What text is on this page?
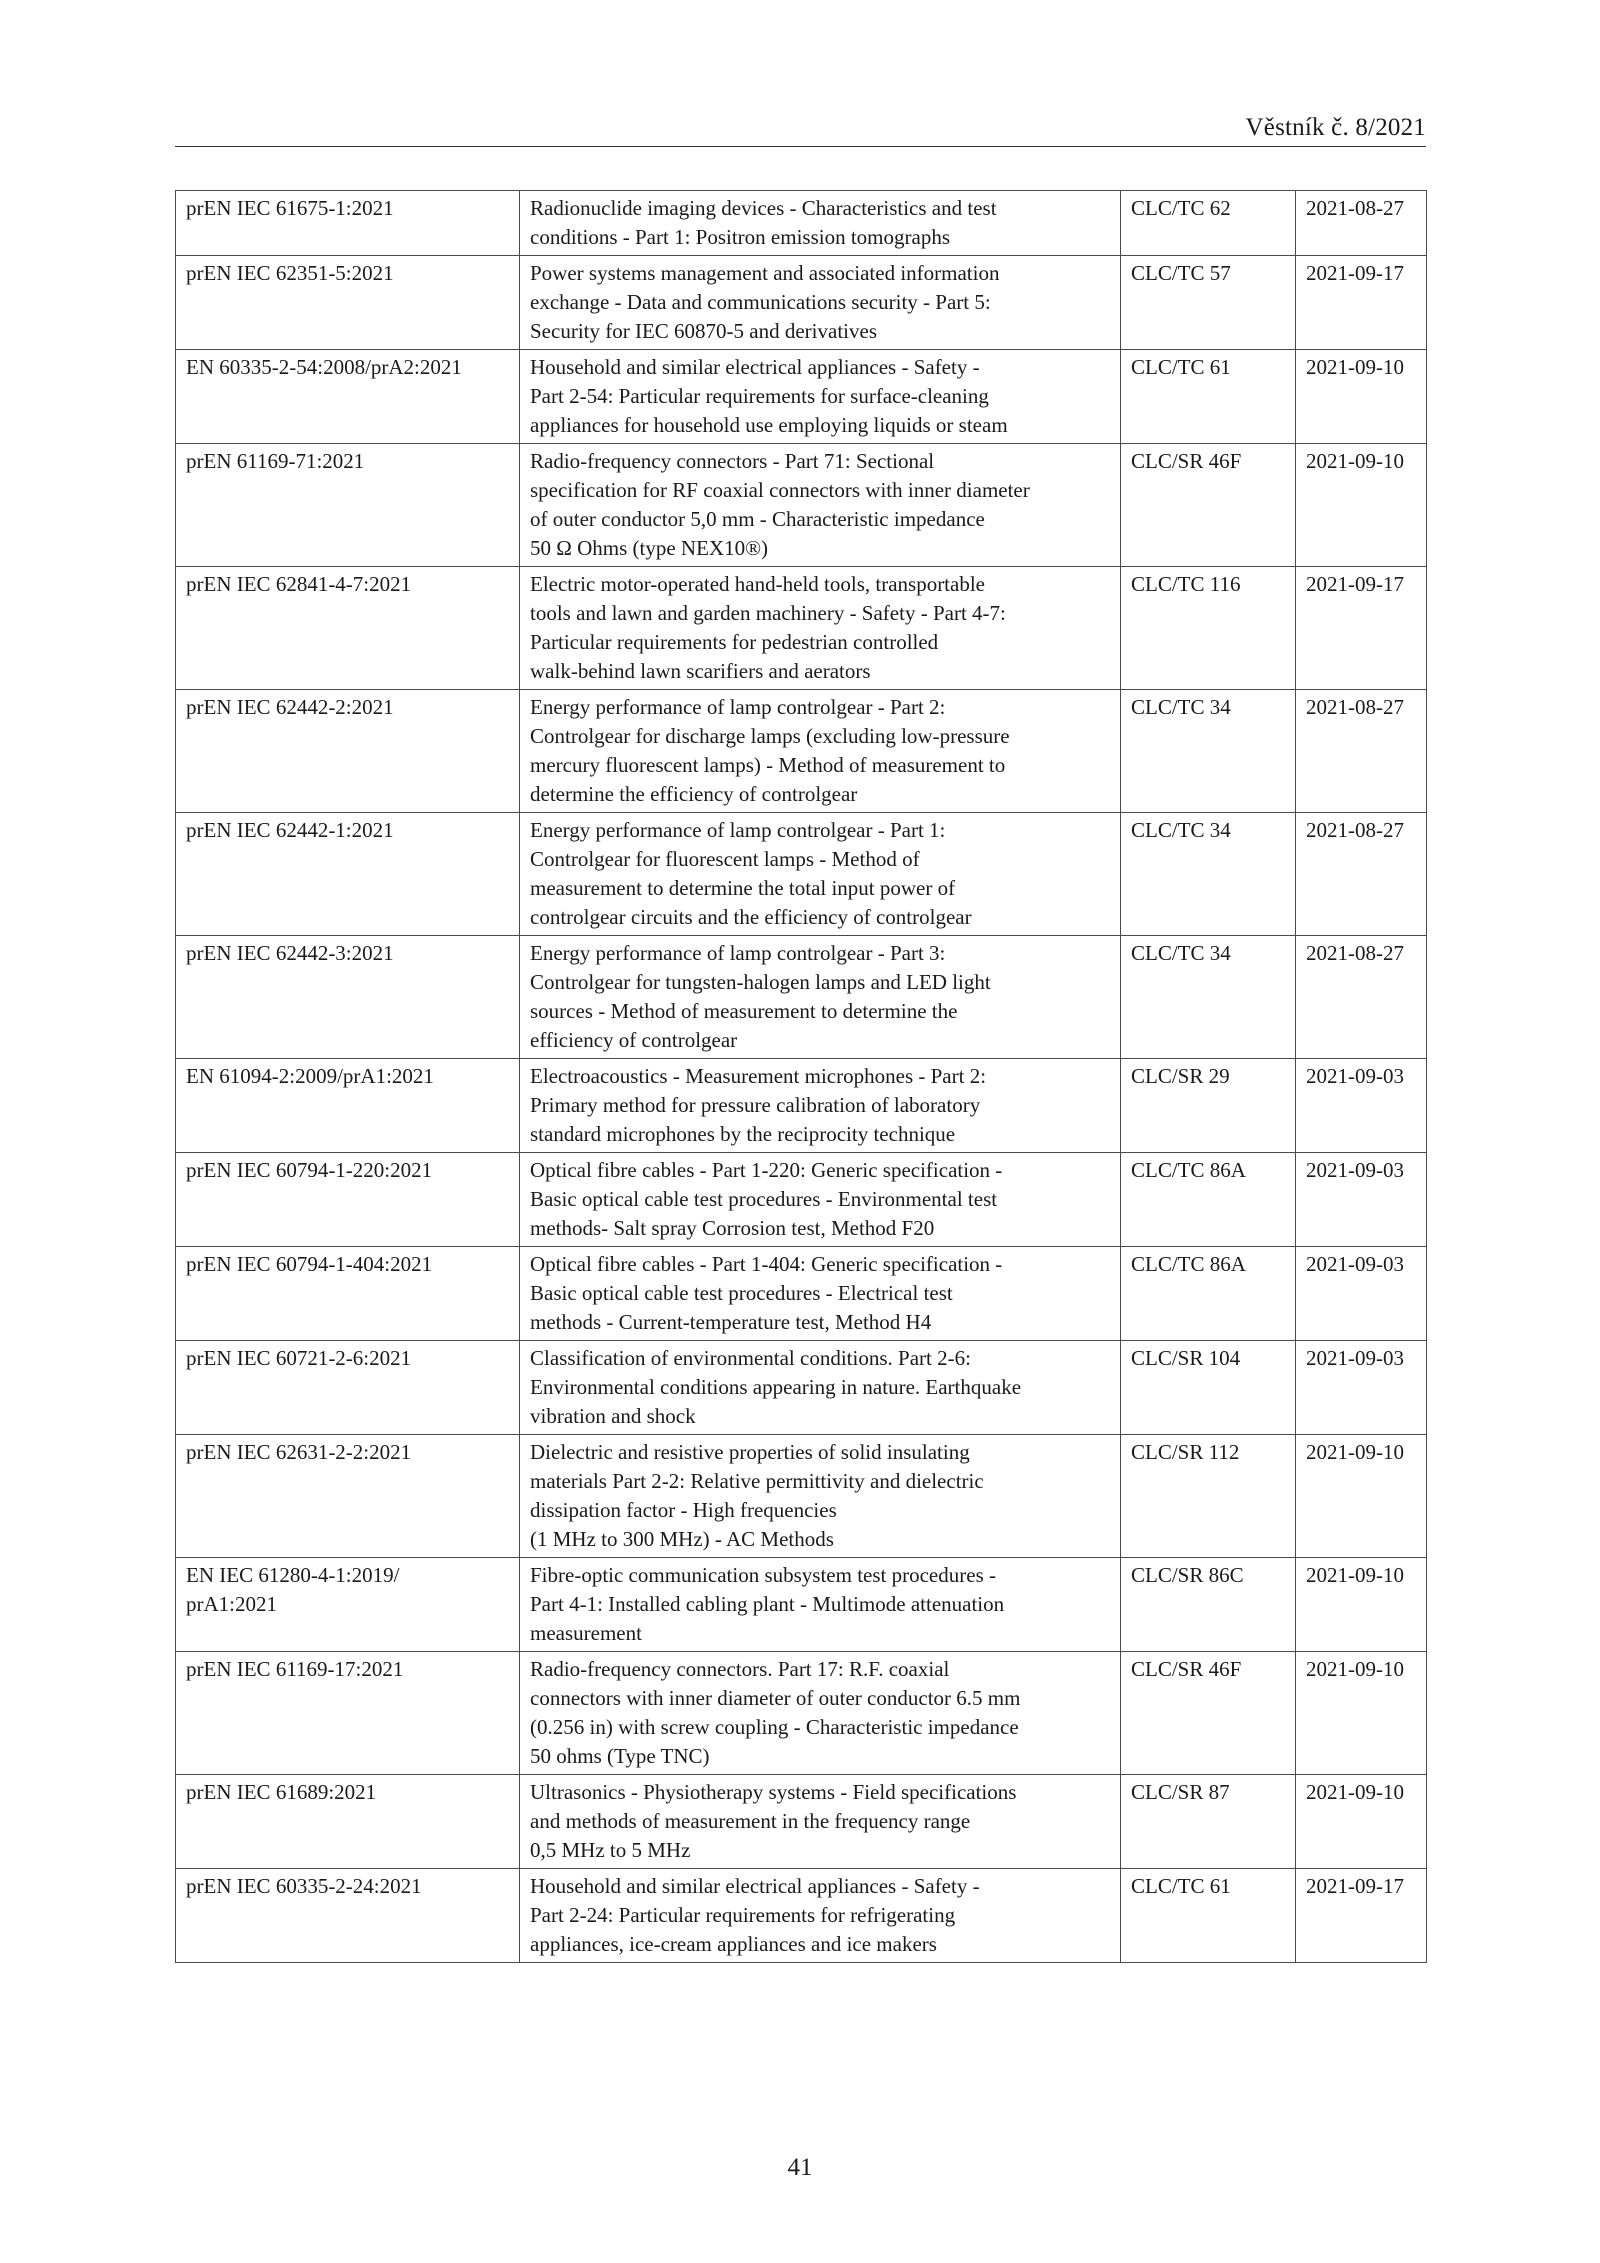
Věstník č. 8/2021
prEN IEC 61675-1:2021	Radionuclide imaging devices - Characteristics and test
conditions - Part 1: Positron emission tomographs	CLC/TC 62	2021-08-27

prEN IEC 62351-5:2021	Power systems management and associated information
exchange - Data and communications security - Part 5:
Security for IEC 60870-5 and derivatives	CLC/TC 57	2021-09-17

EN 60335-2-54:2008/prA2:2021	Household and similar electrical appliances - Safety -
Part 2-54: Particular requirements for surface-cleaning
appliances for household use employing liquids or steam	CLC/TC 61	2021-09-10

prEN 61169-71:2021	Radio-frequency connectors - Part 71: Sectional
specification for RF coaxial connectors with inner diameter
of outer conductor 5,0 mm - Characteristic impedance
50 Ω Ohms (type NEX10®)	CLC/SR 46F	2021-09-10

prEN IEC 62841-4-7:2021	Electric motor-operated hand-held tools, transportable
tools and lawn and garden machinery - Safety - Part 4-7:
Particular requirements for pedestrian controlled
walk-behind lawn scarifiers and aerators	CLC/TC 116	2021-09-17

prEN IEC 62442-2:2021	Energy performance of lamp controlgear - Part 2:
Controlgear for discharge lamps (excluding low-pressure
mercury fluorescent lamps) - Method of measurement to
determine the efficiency of controlgear	CLC/TC 34	2021-08-27

prEN IEC 62442-1:2021	Energy performance of lamp controlgear - Part 1:
Controlgear for fluorescent lamps - Method of
measurement to determine the total input power of
controlgear circuits and the efficiency of controlgear	CLC/TC 34	2021-08-27

prEN IEC 62442-3:2021	Energy performance of lamp controlgear - Part 3:
Controlgear for tungsten-halogen lamps and LED light
sources - Method of measurement to determine the
efficiency of controlgear	CLC/TC 34	2021-08-27

EN 61094-2:2009/prA1:2021	Electroacoustics - Measurement microphones - Part 2:
Primary method for pressure calibration of laboratory
standard microphones by the reciprocity technique	CLC/SR 29	2021-09-03

prEN IEC 60794-1-220:2021	Optical fibre cables - Part 1-220: Generic specification -
Basic optical cable test procedures - Environmental test
methods- Salt spray Corrosion test, Method F20	CLC/TC 86A	2021-09-03

prEN IEC 60794-1-404:2021	Optical fibre cables - Part 1-404: Generic specification -
Basic optical cable test procedures - Electrical test
methods - Current-temperature test, Method H4	CLC/TC 86A	2021-09-03

prEN IEC 60721-2-6:2021	Classification of environmental conditions. Part 2-6:
Environmental conditions appearing in nature. Earthquake
vibration and shock	CLC/SR 104	2021-09-03

prEN IEC 62631-2-2:2021	Dielectric and resistive properties of solid insulating
materials Part 2-2: Relative permittivity and dielectric
dissipation factor - High frequencies
(1 MHz to 300 MHz) - AC Methods	CLC/SR 112	2021-09-10

EN IEC 61280-4-1:2019/
prA1:2021	Fibre-optic communication subsystem test procedures -
Part 4-1: Installed cabling plant - Multimode attenuation
measurement	CLC/SR 86C	2021-09-10

prEN IEC 61169-17:2021	Radio-frequency connectors. Part 17: R.F. coaxial
connectors with inner diameter of outer conductor 6.5 mm
(0.256 in) with screw coupling - Characteristic impedance
50 ohms (Type TNC)	CLC/SR 46F	2021-09-10

prEN IEC 61689:2021	Ultrasonics - Physiotherapy systems - Field specifications
and methods of measurement in the frequency range
0,5 MHz to 5 MHz	CLC/SR 87	2021-09-10

prEN IEC 60335-2-24:2021	Household and similar electrical appliances - Safety -
Part 2-24: Particular requirements for refrigerating
appliances, ice-cream appliances and ice makers	CLC/TC 61	2021-09-17
41
